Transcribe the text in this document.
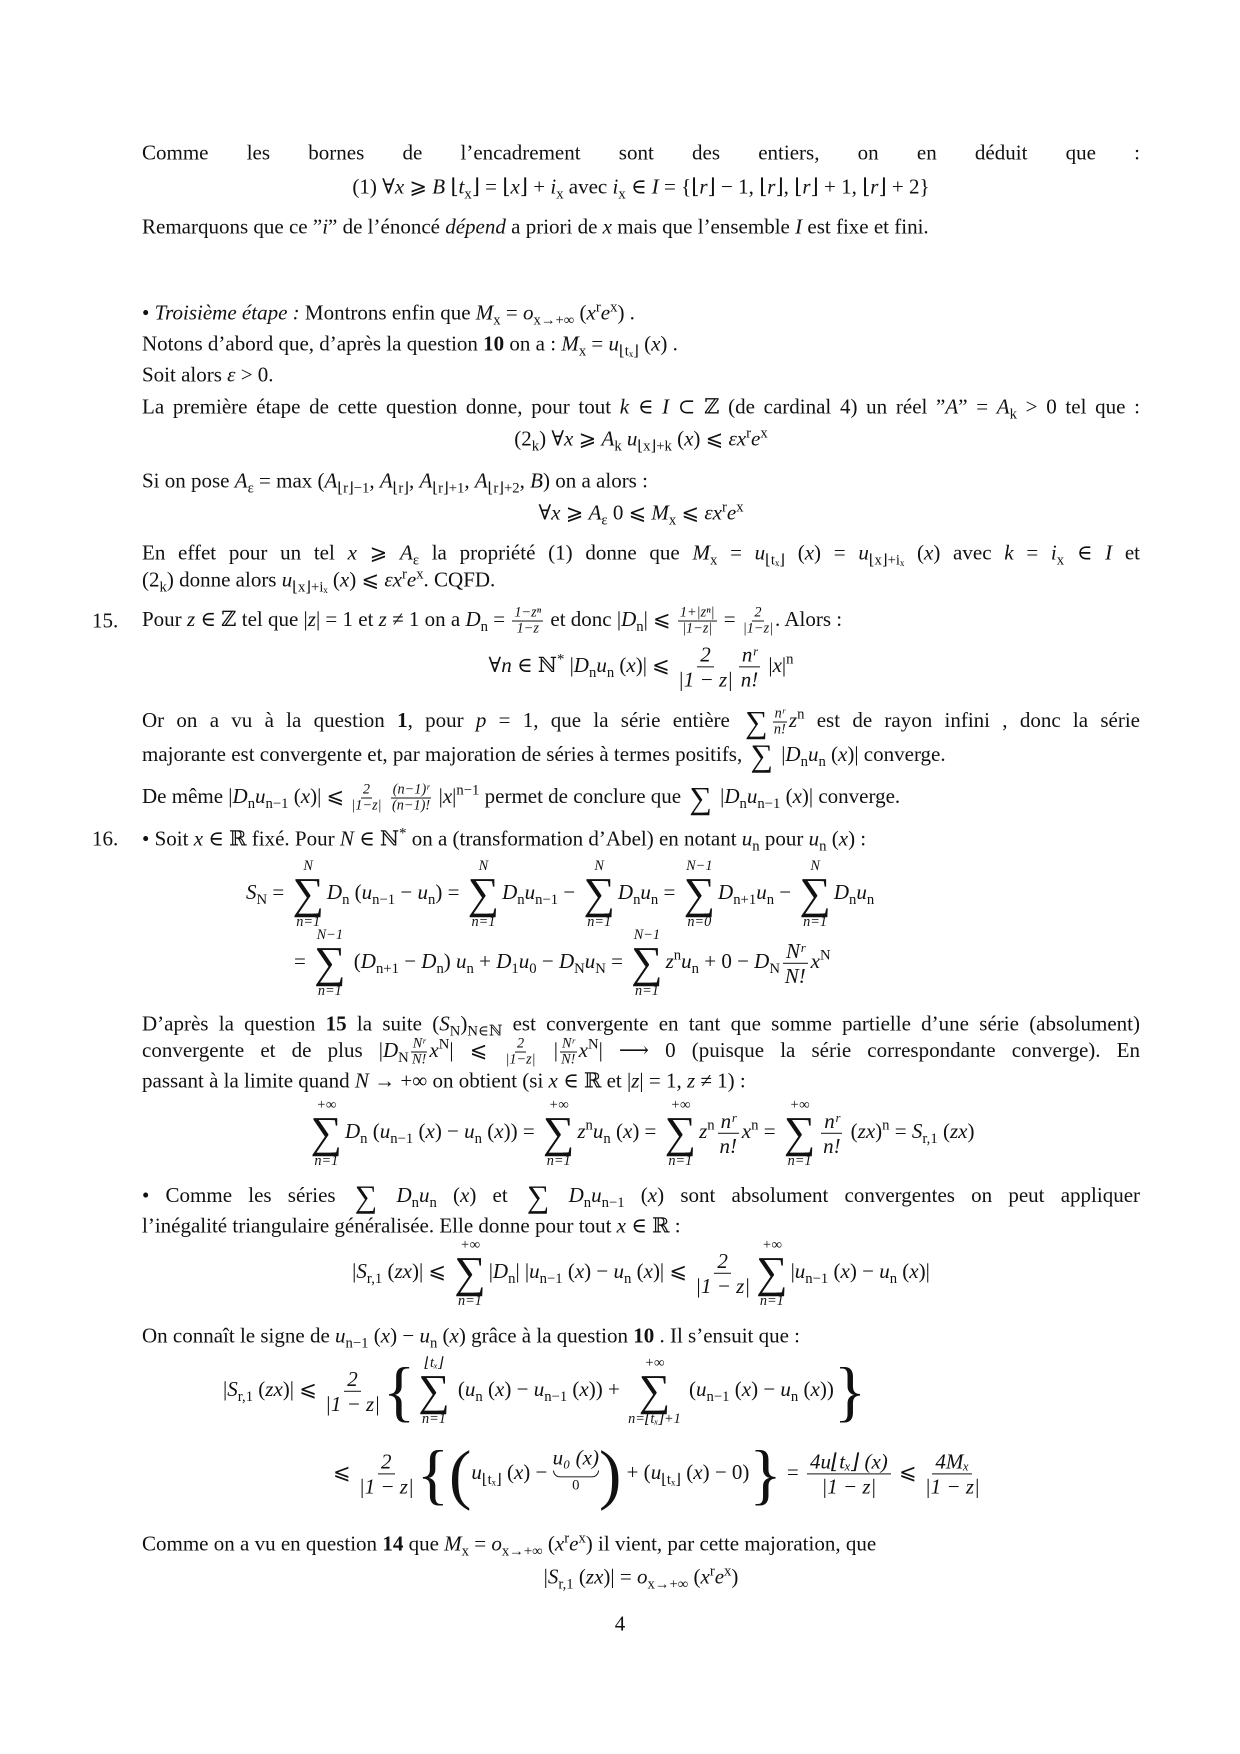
Comme les bornes de l’encadrement sont des entiers, on en déduit que :
(1) ∀x ⩾ B $⌊t_x⌋$ = ⌊x⌋ + $i_x$ avec $i_x$ ∈ I = {⌊r⌋ − 1, ⌊r⌋, ⌊r⌋ + 1, ⌊r⌋ + 2}
Remarquons que ce ”i” de l’énoncé dépend a priori de x mais que l’ensemble I est fixe et fini.
• Troisième étape : Montrons enfin que $M_x = o_{x\to+\infty}$ $(x^re^x)$ .
Notons d’abord que, d’après la question 10 on a : $M_x = u_{⌊t_x⌋}$ (x) .
Soit alors ε > 0.
La première étape de cette question donne, pour tout k ∈ I ⊂ ℤ (de cardinal 4) un réel ”A” = $A_k > 0$ tel que :
$(2_k)$ ∀x ⩾ $A_k$ $u_{⌊x⌋+k}$ (x) ⩽ $\varepsilon x^re^x$
Si on pose $A_\varepsilon = \max (A_{⌊r⌋-1}$, $A_{⌊r⌋}$, $A_{⌊r⌋+1}$, $A_{⌊r⌋+2}$, B) on a alors :
∀x ⩾ $A_\varepsilon$ 0 ⩽ $M_x$ ⩽ $\varepsilon x^re^x$
En effet pour un tel x ⩾ $A_\varepsilon$ la propriété (1) donne que $M_x = u_{⌊t_x⌋}$ $(x) = u_{⌊x⌋+i_x}$ (x) avec $k = i_x$ ∈ I et
$(2_k)$ donne alors $u_{⌊x⌋+i_x}$ (x) ⩽ $\varepsilon x^re^x$. CQFD.
15. Pour z ∈ ℤ tel que |z| = 1 et z ≠ 1 on a $D_n = \frac{\text{1−zⁿ}}{1-z}$ et donc $|D_n|$ ⩽ $\frac{\text{1+|zⁿ|}}{|1-z|} = \frac{2}{|1-z|}$ . Alors :
∀n ∈ ℕ* $|D_nu_n$ (x)| ⩽ $\frac{2}{|1 - z|} \frac{\text{nʳ}}{n!} |x|^n$
Or on a vu à la question 1, pour p = 1, que la série entière ∑ $\frac{\text{nʳ}}{n!} z^n$ est de rayon infini , donc la série
majorante est convergente et, par majoration de séries à termes positifs, ∑ $|D_nu_n$ (x)| converge.
De même $|D_nu_{n-1}$ (x)| ⩽ $\frac{2}{|1-z|}$
$\frac{\text{(n−1)ʳ}}{(n-1)!} |x|^{n-1}$ permet de conclure que ∑ $|D_nu_{n-1}$ (x)| converge.
16. • Soit x ∈ ℝ fixé. Pour N ∈ ℕ* on a (transformation d’Abel) en notant $u_n$ pour $u_n$ (x) :
$S_N$ =
N
∑
n=1
$D_n$ $(u_{n-1} - u_n)$ =
N
∑
n=1
$D_nu_{n-1}$ −
N
∑
n=1
$D_nu_n$ =
N−1
∑
n=0
$D_{n+1}u_n$ −
N
∑
n=1
$D_nu_n$
=
N−1
∑
n=1
$(D_{n+1} - D_n) u_n + D_1u_0 - D_Nu_N$ =
N−1
∑
n=1
$z^nu_n + 0 - D_N \frac{\text{Nʳ}}{N!} x^N$
D’après la question 15 la suite $(S_N)_{N\in ℕ}$ est convergente en tant que somme partielle d’une série (absolument)
convergente et de plus $|D_N \frac{\text{Nʳ}}{N!} x^N|$ ⩽ $\frac{2}{|1-z|}$ | $\frac{\text{Nʳ}}{N!} x^N|$ ⟶ 0 (puisque la série correspondante converge). En
passant à la limite quand N → +∞ on obtient (si x ∈ ℝ et |z| = 1, z ≠ 1) :
+∞
∑
n=1
$D_n$ ($u_{n-1}$ $(x) - u_n$ (x)) =
+∞
∑
n=1
$z^nu_n$ (x) =
+∞
∑
n=1
$z^n \frac{\text{nʳ}}{n!} x^n$ =
+∞
∑
n=1
$\frac{\text{nʳ}}{n!} (zx)^n = S_{r,1}$ (zx)
• Comme les séries ∑ $D_nu_n$ (x) et ∑ $D_nu_{n-1}$ (x) sont absolument convergentes on peut appliquer
l’inégalité triangulaire généralisée. Elle donne pour tout x ∈ ℝ :
$|S_{r,1}$ (zx)| ⩽
+∞
∑
n=1
$|D_n|$ $|u_{n-1}$ $(x) - u_n$ (x)| ⩽ $\frac{2}{|1 - z|}$
+∞
∑
n=1
$|u_{n-1}$ $(x) - u_n$ (x)|
On connaît le signe de $u_{n-1}$ $(x) - u_n$ (x) grâce à la question 10 . Il s’ensuit que :
$|S_{r,1}$ (zx)| ⩽ $\frac{2}{|1 - z|}$ { ⌊tₓ⌋
∑
n=1
($u_n$ $(x) - u_{n-1}$ (x)) +
+∞
∑
n=⌊tₓ⌋+1
($u_{n-1}$ $(x) - u_n$ (x))}
⩽ $\frac{2}{|1 - z|} \{(u_{⌊t_x⌋}$ (x) −
u₀ (x)
0 ) + ($u_{⌊t_x⌋}$ $(x) - 0)\} = \frac{\text{4u⌊tₓ⌋ (x)}}{|1 - z|}$ ⩽ $\frac{\text{4Mₓ}}{|1 - z|}$
Comme on a vu en question 14 que $M_x = o_{x\to+\infty}$ $(x^re^x)$ il vient, par cette majoration, que
$|S_{r,1}$ $(zx)| = o_{x\to+\infty}$ $(x^re^x)$
4
